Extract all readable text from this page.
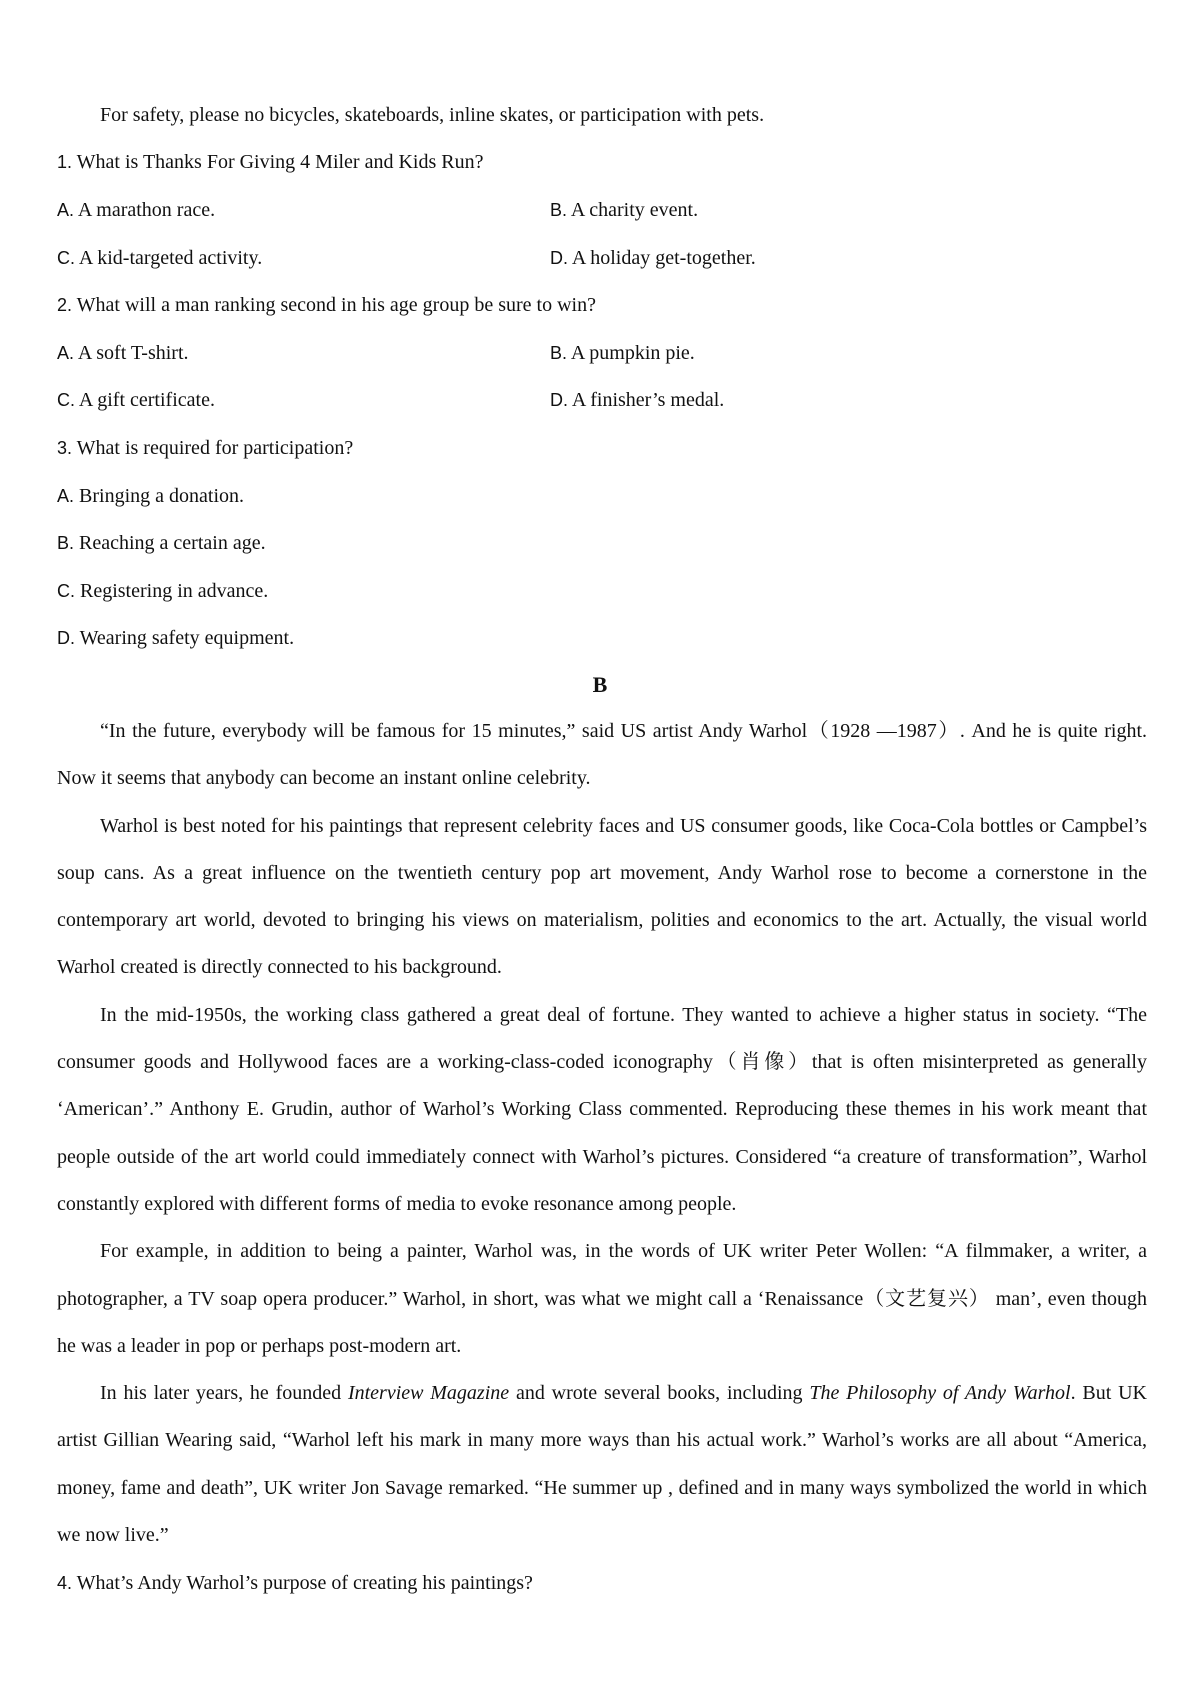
For safety, please no bicycles, skateboards, inline skates, or participation with pets.
1. What is Thanks For Giving 4 Miler and Kids Run?
A. A marathon race.	B. A charity event.
C. A kid-targeted activity.	D. A holiday get-together.
2. What will a man ranking second in his age group be sure to win?
A. A soft T-shirt.	B. A pumpkin pie.
C. A gift certificate.	D. A finisher’s medal.
3. What is required for participation?
A. Bringing a donation.
B. Reaching a certain age.
C. Registering in advance.
D. Wearing safety equipment.
B

“In the future, everybody will be famous for 15 minutes,” said US artist Andy Warhol（1928 —1987）. And he is quite right. Now it seems that anybody can become an instant online celebrity.

Warhol is best noted for his paintings that represent celebrity faces and US consumer goods, like Coca-Cola bottles or Campbel’s soup cans. As a great influence on the twentieth century pop art movement, Andy Warhol rose to become a cornerstone in the contemporary art world, devoted to bringing his views on materialism, polities and economics to the art. Actually, the visual world Warhol created is directly connected to his background.

In the mid-1950s, the working class gathered a great deal of fortune. They wanted to achieve a higher status in society. “The consumer goods and Hollywood faces are a working-class-coded iconography（肖像）that is often misinterpreted as generally ‘American’.” Anthony E. Grudin, author of Warhol’s Working Class commented. Reproducing these themes in his work meant that people outside of the art world could immediately connect with Warhol’s pictures. Considered “a creature of transformation”, Warhol constantly explored with different forms of media to evoke resonance among people.

For example, in addition to being a painter, Warhol was, in the words of UK writer Peter Wollen: “A filmmaker, a writer, a photographer, a TV soap opera producer.” Warhol, in short, was what we might call a ‘Renaissance（文艺复兴） man’, even though he was a leader in pop or perhaps post-modern art.

In his later years, he founded Interview Magazine and wrote several books, including The Philosophy of Andy Warhol. But UK artist Gillian Wearing said, “Warhol left his mark in many more ways than his actual work.” Warhol’s works are all about “America, money, fame and death”, UK writer Jon Savage remarked. “He summer up , defined and in many ways symbolized the world in which we now live.”

4. What’s Andy Warhol’s purpose of creating his paintings?
